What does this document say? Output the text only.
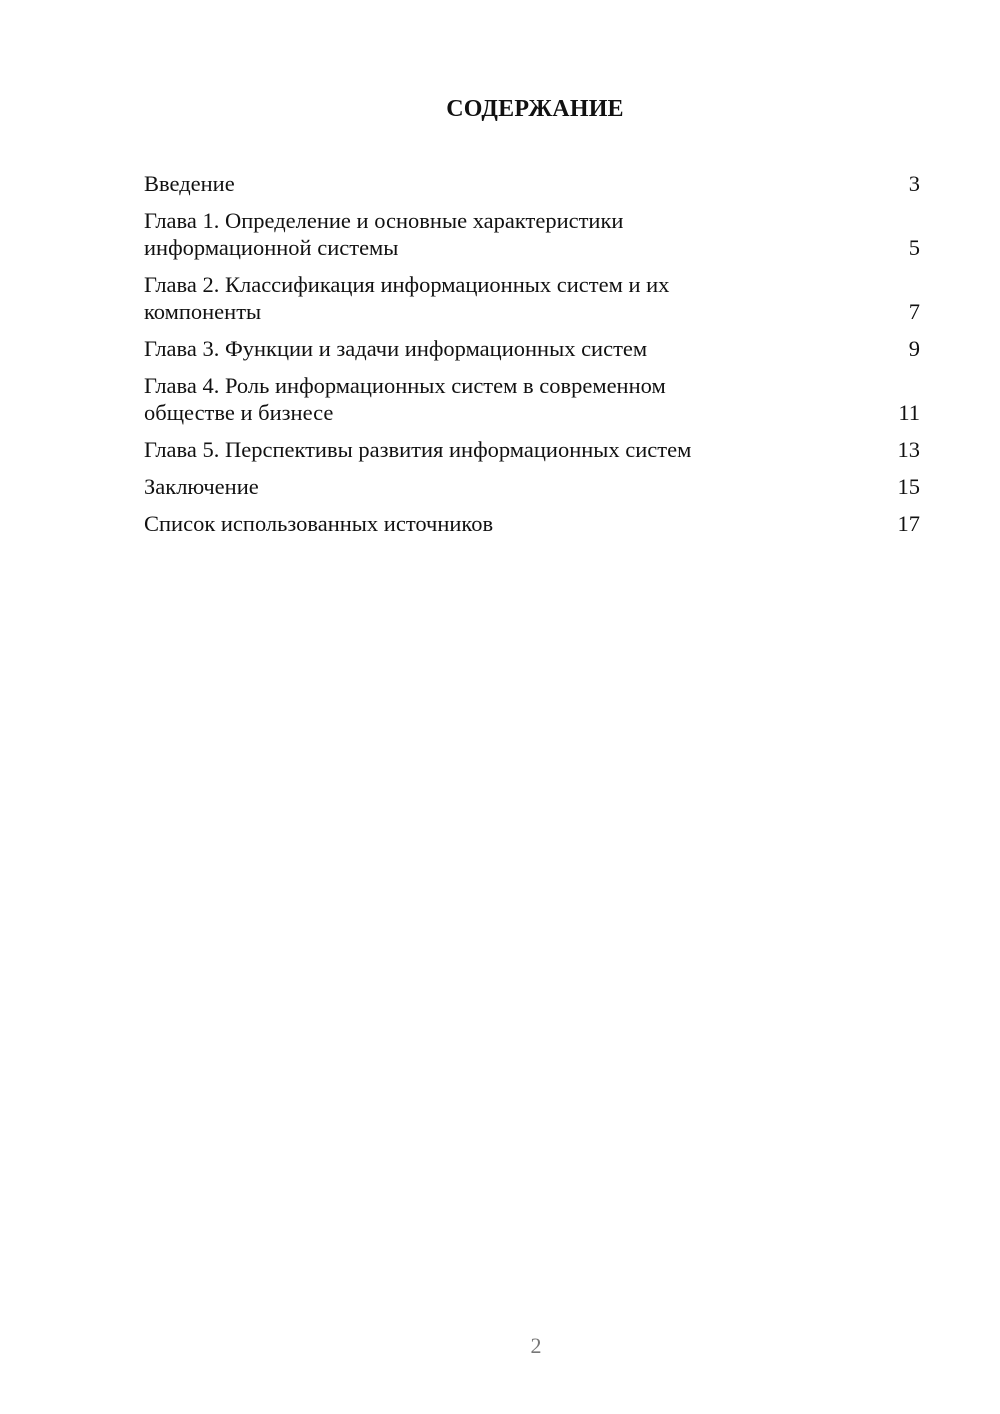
СОДЕРЖАНИЕ
Введение	3
Глава 1. Определение и основные характеристики
информационной системы	5
Глава 2. Классификация информационных систем и их
компоненты	7
Глава 3. Функции и задачи информационных систем	9
Глава 4. Роль информационных систем в современном
обществе и бизнесе	11
Глава 5. Перспективы развития информационных систем	13
Заключение	15
Список использованных источников	17
2
